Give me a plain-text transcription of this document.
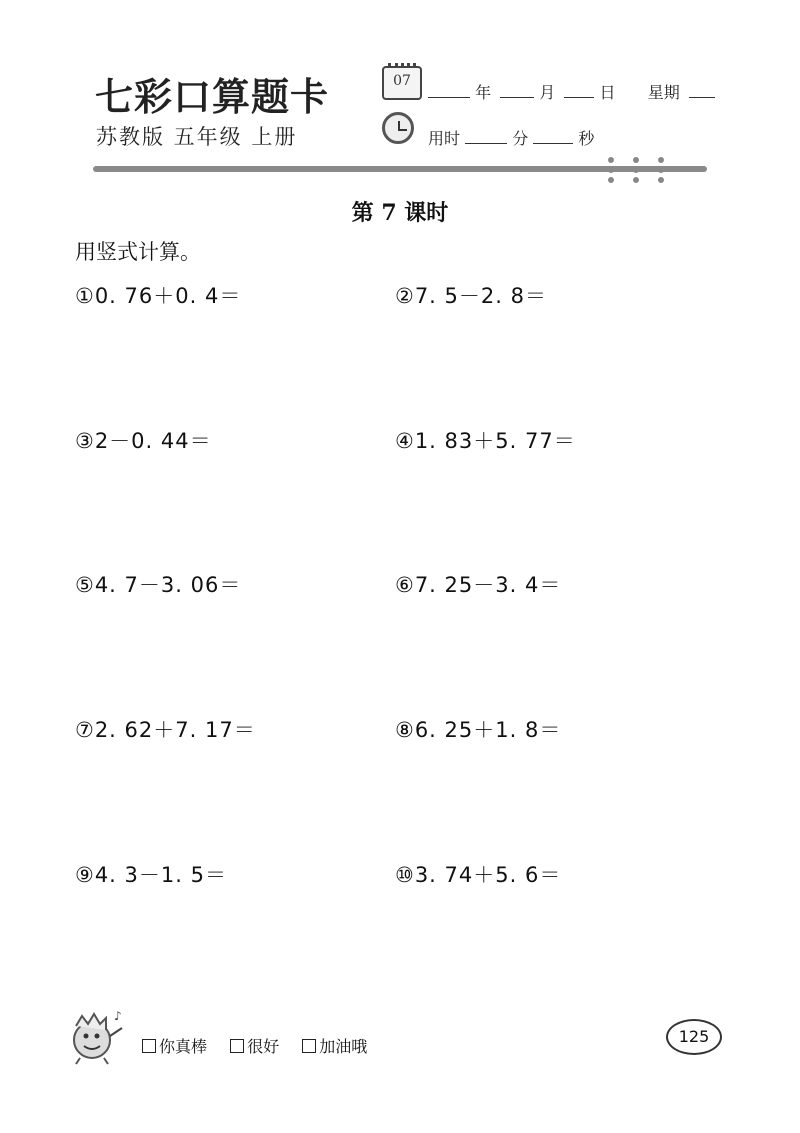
七彩口算题卡
苏教版 五年级 上册
07
年	月	日 星期
用时	分	秒
第 7 课时
用竖式计算。
①0. 76＋0. 4＝	②7. 5－2. 8＝
③2－0. 44＝	④1. 83＋5. 77＝
⑤4. 7－3. 06＝	⑥7. 25－3. 4＝
⑦2. 62＋7. 17＝	⑧6. 25＋1. 8＝
⑨4. 3－1. 5＝	⑩3. 74＋5. 6＝
♪
你真棒
	很好
	加油哦
125
